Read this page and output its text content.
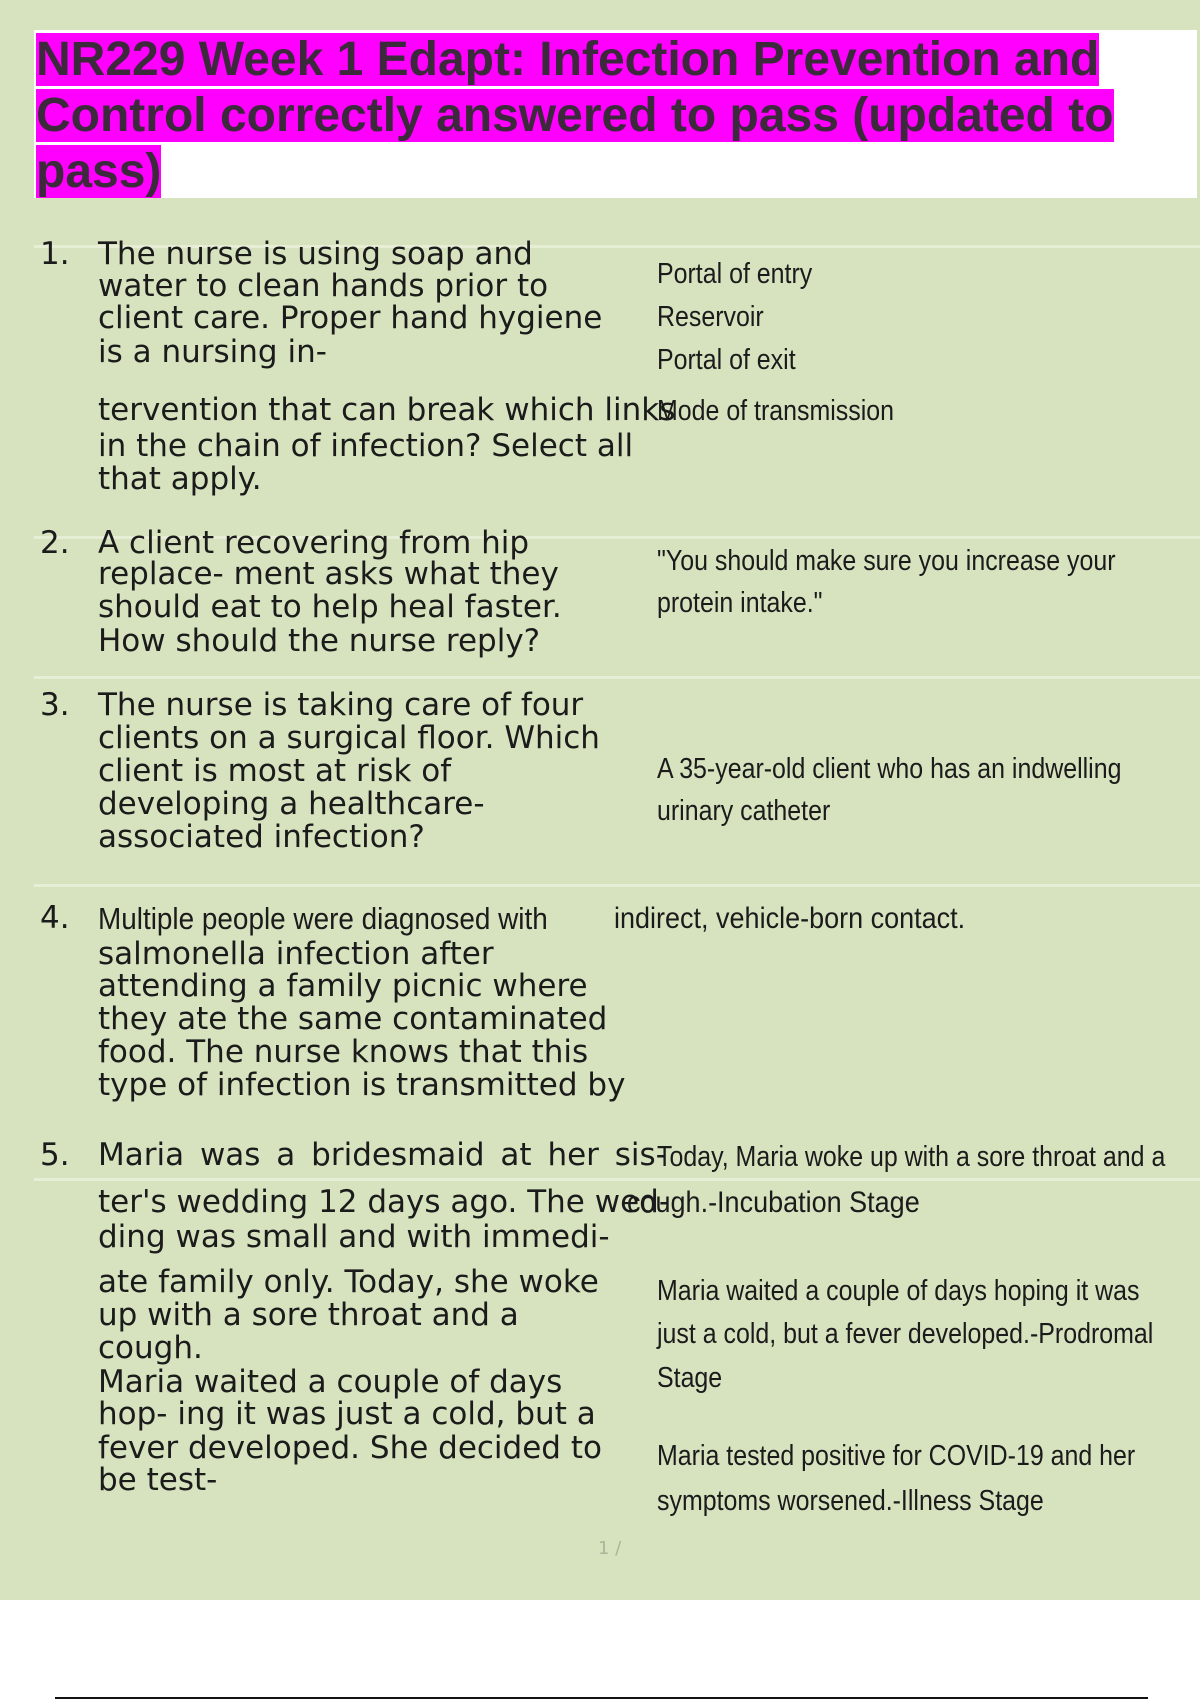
NR229 Week 1 Edapt: Infection Prevention and Control correctly answered to pass (updated to pass)
1. The nurse is using soap and
water to clean hands prior to
client care. Proper hand hygiene
is a nursing in-
tervention that can break which links
in the chain of infection? Select all
that apply.
Portal of entry
Reservoir
Portal of exit
Mode of transmission
2. A client recovering from hip
replace- ment asks what they
should eat to help heal faster.
How should the nurse reply?
"You should make sure you increase your
protein intake."
3. The nurse is taking care of four
clients on a surgical floor. Which
client is most at risk of
developing a healthcare-
associated infection?
A 35-year-old client who has an indwelling
urinary catheter
4. Multiple people were diagnosed with
salmonella infection after
attending a family picnic where
they ate the same contaminated
food. The nurse knows that this
type of infection is transmitted by
indirect, vehicle-born contact.
5. Maria was a bridesmaid at her sis-
ter's wedding 12 days ago. The wed-
ding was small and with immedi-
ate family only. Today, she woke
up with a sore throat and a
cough.
Maria waited a couple of days
hop- ing it was just a cold, but a
fever developed. She decided to
be test-
Today, Maria woke up with a sore throat and a
cough.-Incubation Stage
Maria waited a couple of days hoping it was
just a cold, but a fever developed.-Prodromal
Stage
Maria tested positive for COVID-19 and her
symptoms worsened.-Illness Stage
1 /
